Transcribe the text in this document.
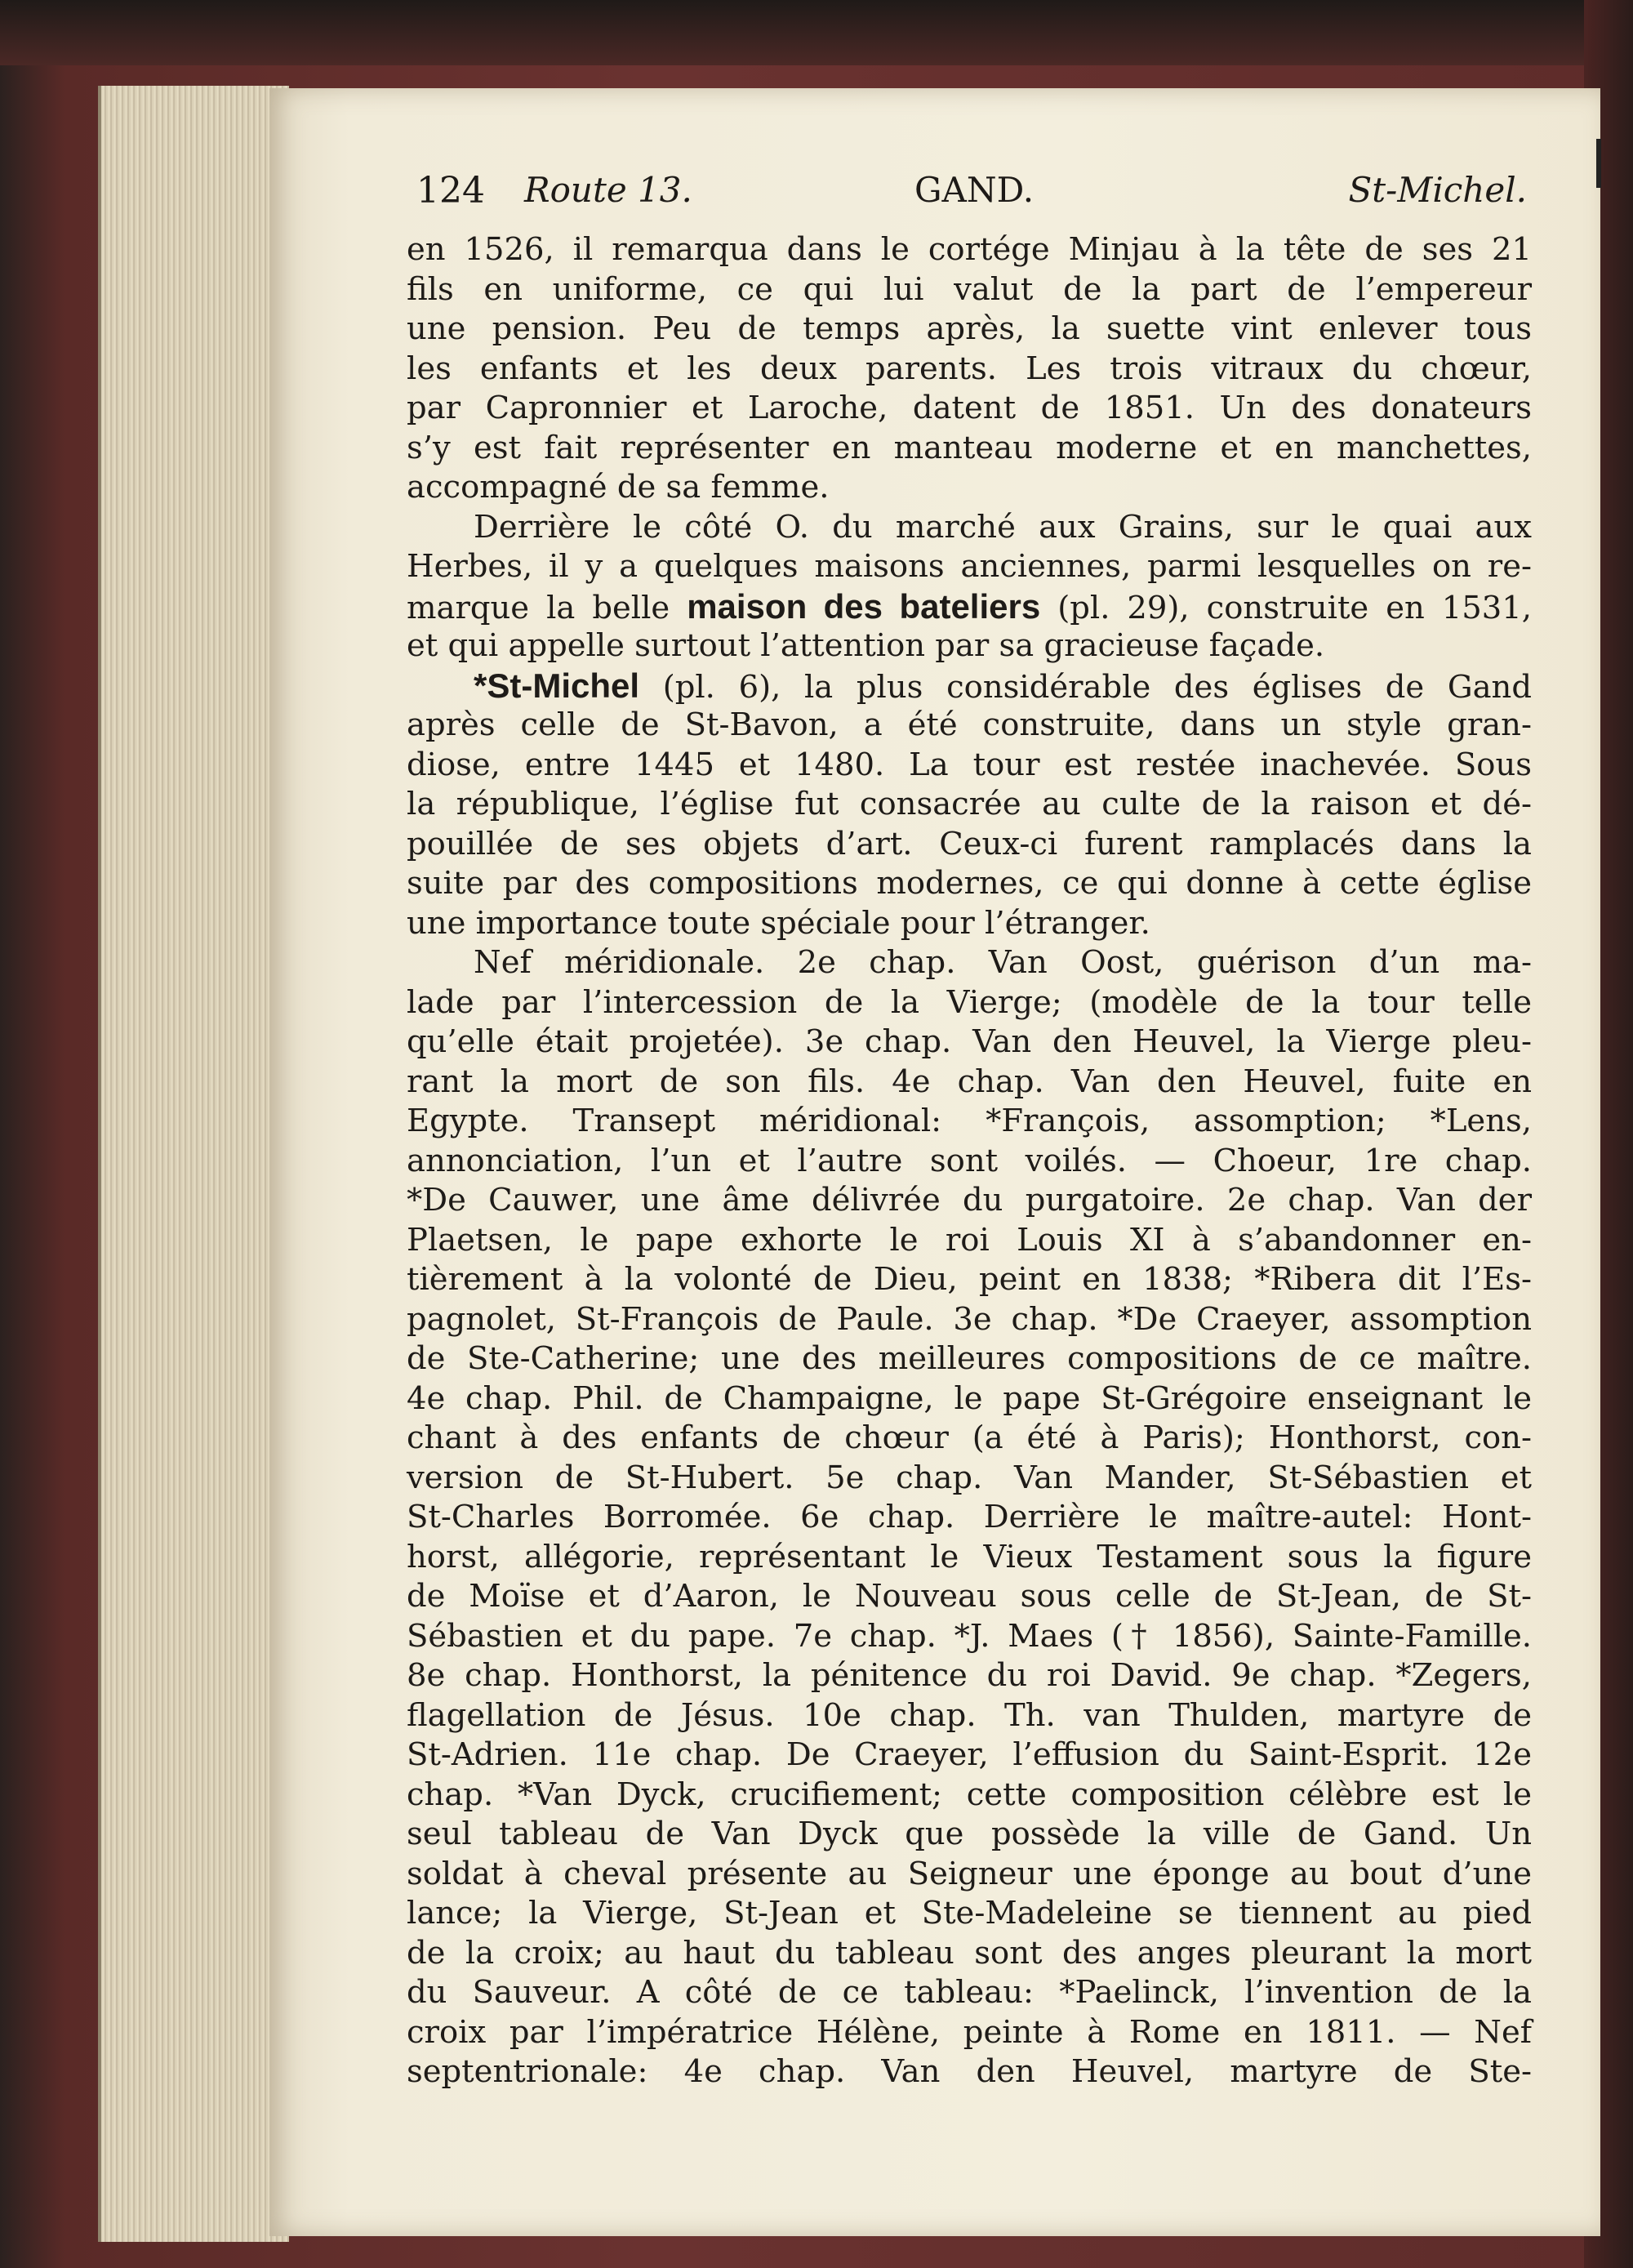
124 Route 13.	GAND.	St-Michel.
en 1526, il remarqua dans le cortége Minjau à la tête de ses 21
fils en uniforme, ce qui lui valut de la part de l’empereur
une pension. Peu de temps après, la suette vint enlever tous
les enfants et les deux parents. Les trois vitraux du chœur,
par Capronnier et Laroche, datent de 1851. Un des donateurs
s’y est fait représenter en manteau moderne et en manchettes,
accompagné de sa femme.
Derrière le côté O. du marché aux Grains, sur le quai aux
Herbes, il y a quelques maisons anciennes, parmi lesquelles on re-
marque la belle maison des bateliers (pl. 29), construite en 1531,
et qui appelle surtout l’attention par sa gracieuse façade.
*St-Michel (pl. 6), la plus considérable des églises de Gand
après celle de St-Bavon, a été construite, dans un style gran-
diose, entre 1445 et 1480. La tour est restée inachevée. Sous
la république, l’église fut consacrée au culte de la raison et dé-
pouillée de ses objets d’art. Ceux-ci furent ramplacés dans la
suite par des compositions modernes, ce qui donne à cette église
une importance toute spéciale pour l’étranger.
Nef méridionale. 2e chap. Van Oost, guérison d’un ma-
lade par l’intercession de la Vierge; (modèle de la tour telle
qu’elle était projetée). 3e chap. Van den Heuvel, la Vierge pleu-
rant la mort de son fils. 4e chap. Van den Heuvel, fuite en
Egypte. Transept méridional: *François, assomption; *Lens,
annonciation, l’un et l’autre sont voilés. — Choeur, 1re chap.
*De Cauwer, une âme délivrée du purgatoire. 2e chap. Van der
Plaetsen, le pape exhorte le roi Louis XI à s’abandonner en-
tièrement à la volonté de Dieu, peint en 1838; *Ribera dit l’Es-
pagnolet, St-François de Paule. 3e chap. *De Craeyer, assomption
de Ste-Catherine; une des meilleures compositions de ce maître.
4e chap. Phil. de Champaigne, le pape St-Grégoire enseignant le
chant à des enfants de chœur (a été à Paris); Honthorst, con-
version de St-Hubert. 5e chap. Van Mander, St-Sébastien et
St-Charles Borromée. 6e chap. Derrière le maître-autel: Hont-
horst, allégorie, représentant le Vieux Testament sous la figure
de Moïse et d’Aaron, le Nouveau sous celle de St-Jean, de St-
Sébastien et du pape. 7e chap. *J. Maes († 1856), Sainte-Famille.
8e chap. Honthorst, la pénitence du roi David. 9e chap. *Zegers,
flagellation de Jésus. 10e chap. Th. van Thulden, martyre de
St-Adrien. 11e chap. De Craeyer, l’effusion du Saint-Esprit. 12e
chap. *Van Dyck, crucifiement; cette composition célèbre est le
seul tableau de Van Dyck que possède la ville de Gand. Un
soldat à cheval présente au Seigneur une éponge au bout d’une
lance; la Vierge, St-Jean et Ste-Madeleine se tiennent au pied
de la croix; au haut du tableau sont des anges pleurant la mort
du Sauveur. A côté de ce tableau: *Paelinck, l’invention de la
croix par l’impératrice Hélène, peinte à Rome en 1811. — Nef
septentrionale: 4e chap. Van den Heuvel, martyre de Ste-
